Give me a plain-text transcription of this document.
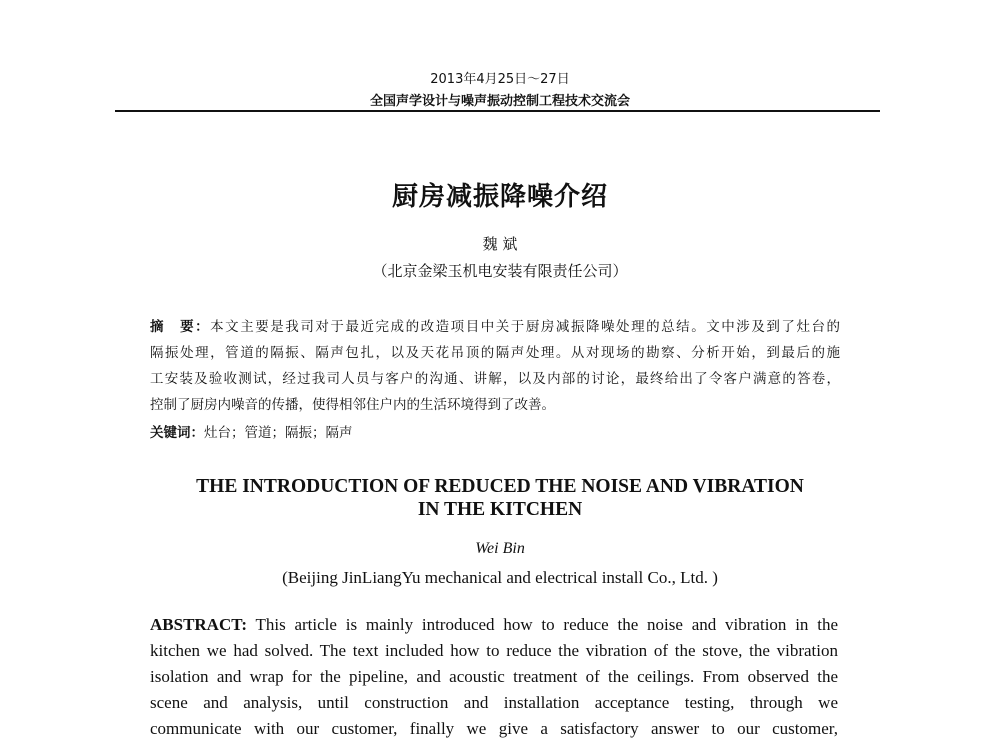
2013年4月25日～27日
全国声学设计与噪声振动控制工程技术交流会
厨房减振降噪介绍
魏 斌
（北京金梁玉机电安装有限责任公司）
摘　要：本文主要是我司对于最近完成的改造项目中关于厨房减振降噪处理的总结。文中涉及到了灶台的
隔振处理，管道的隔振、隔声包扎，以及天花吊顶的隔声处理。从对现场的勘察、分析开始，到最后的施
工安装及验收测试，经过我司人员与客户的沟通、讲解，以及内部的讨论，最终给出了令客户满意的答卷，
控制了厨房内噪音的传播，使得相邻住户内的生活环境得到了改善。
关键词：灶台；管道；隔振；隔声
THE INTRODUCTION OF REDUCED THE NOISE AND VIBRATION
IN THE KITCHEN
Wei Bin
(Beijing JinLiangYu mechanical and electrical install Co., Ltd. )
ABSTRACT: This article is mainly introduced how to reduce the noise and vibration in the
kitchen we had solved. The text included how to reduce the vibration of the stove, the vibration
isolation and wrap for the pipeline, and acoustic treatment of the ceilings. From observed the
scene and analysis, until construction and installation acceptance testing, through we
communicate with our customer, finally we give a satisfactory answer to our customer,
